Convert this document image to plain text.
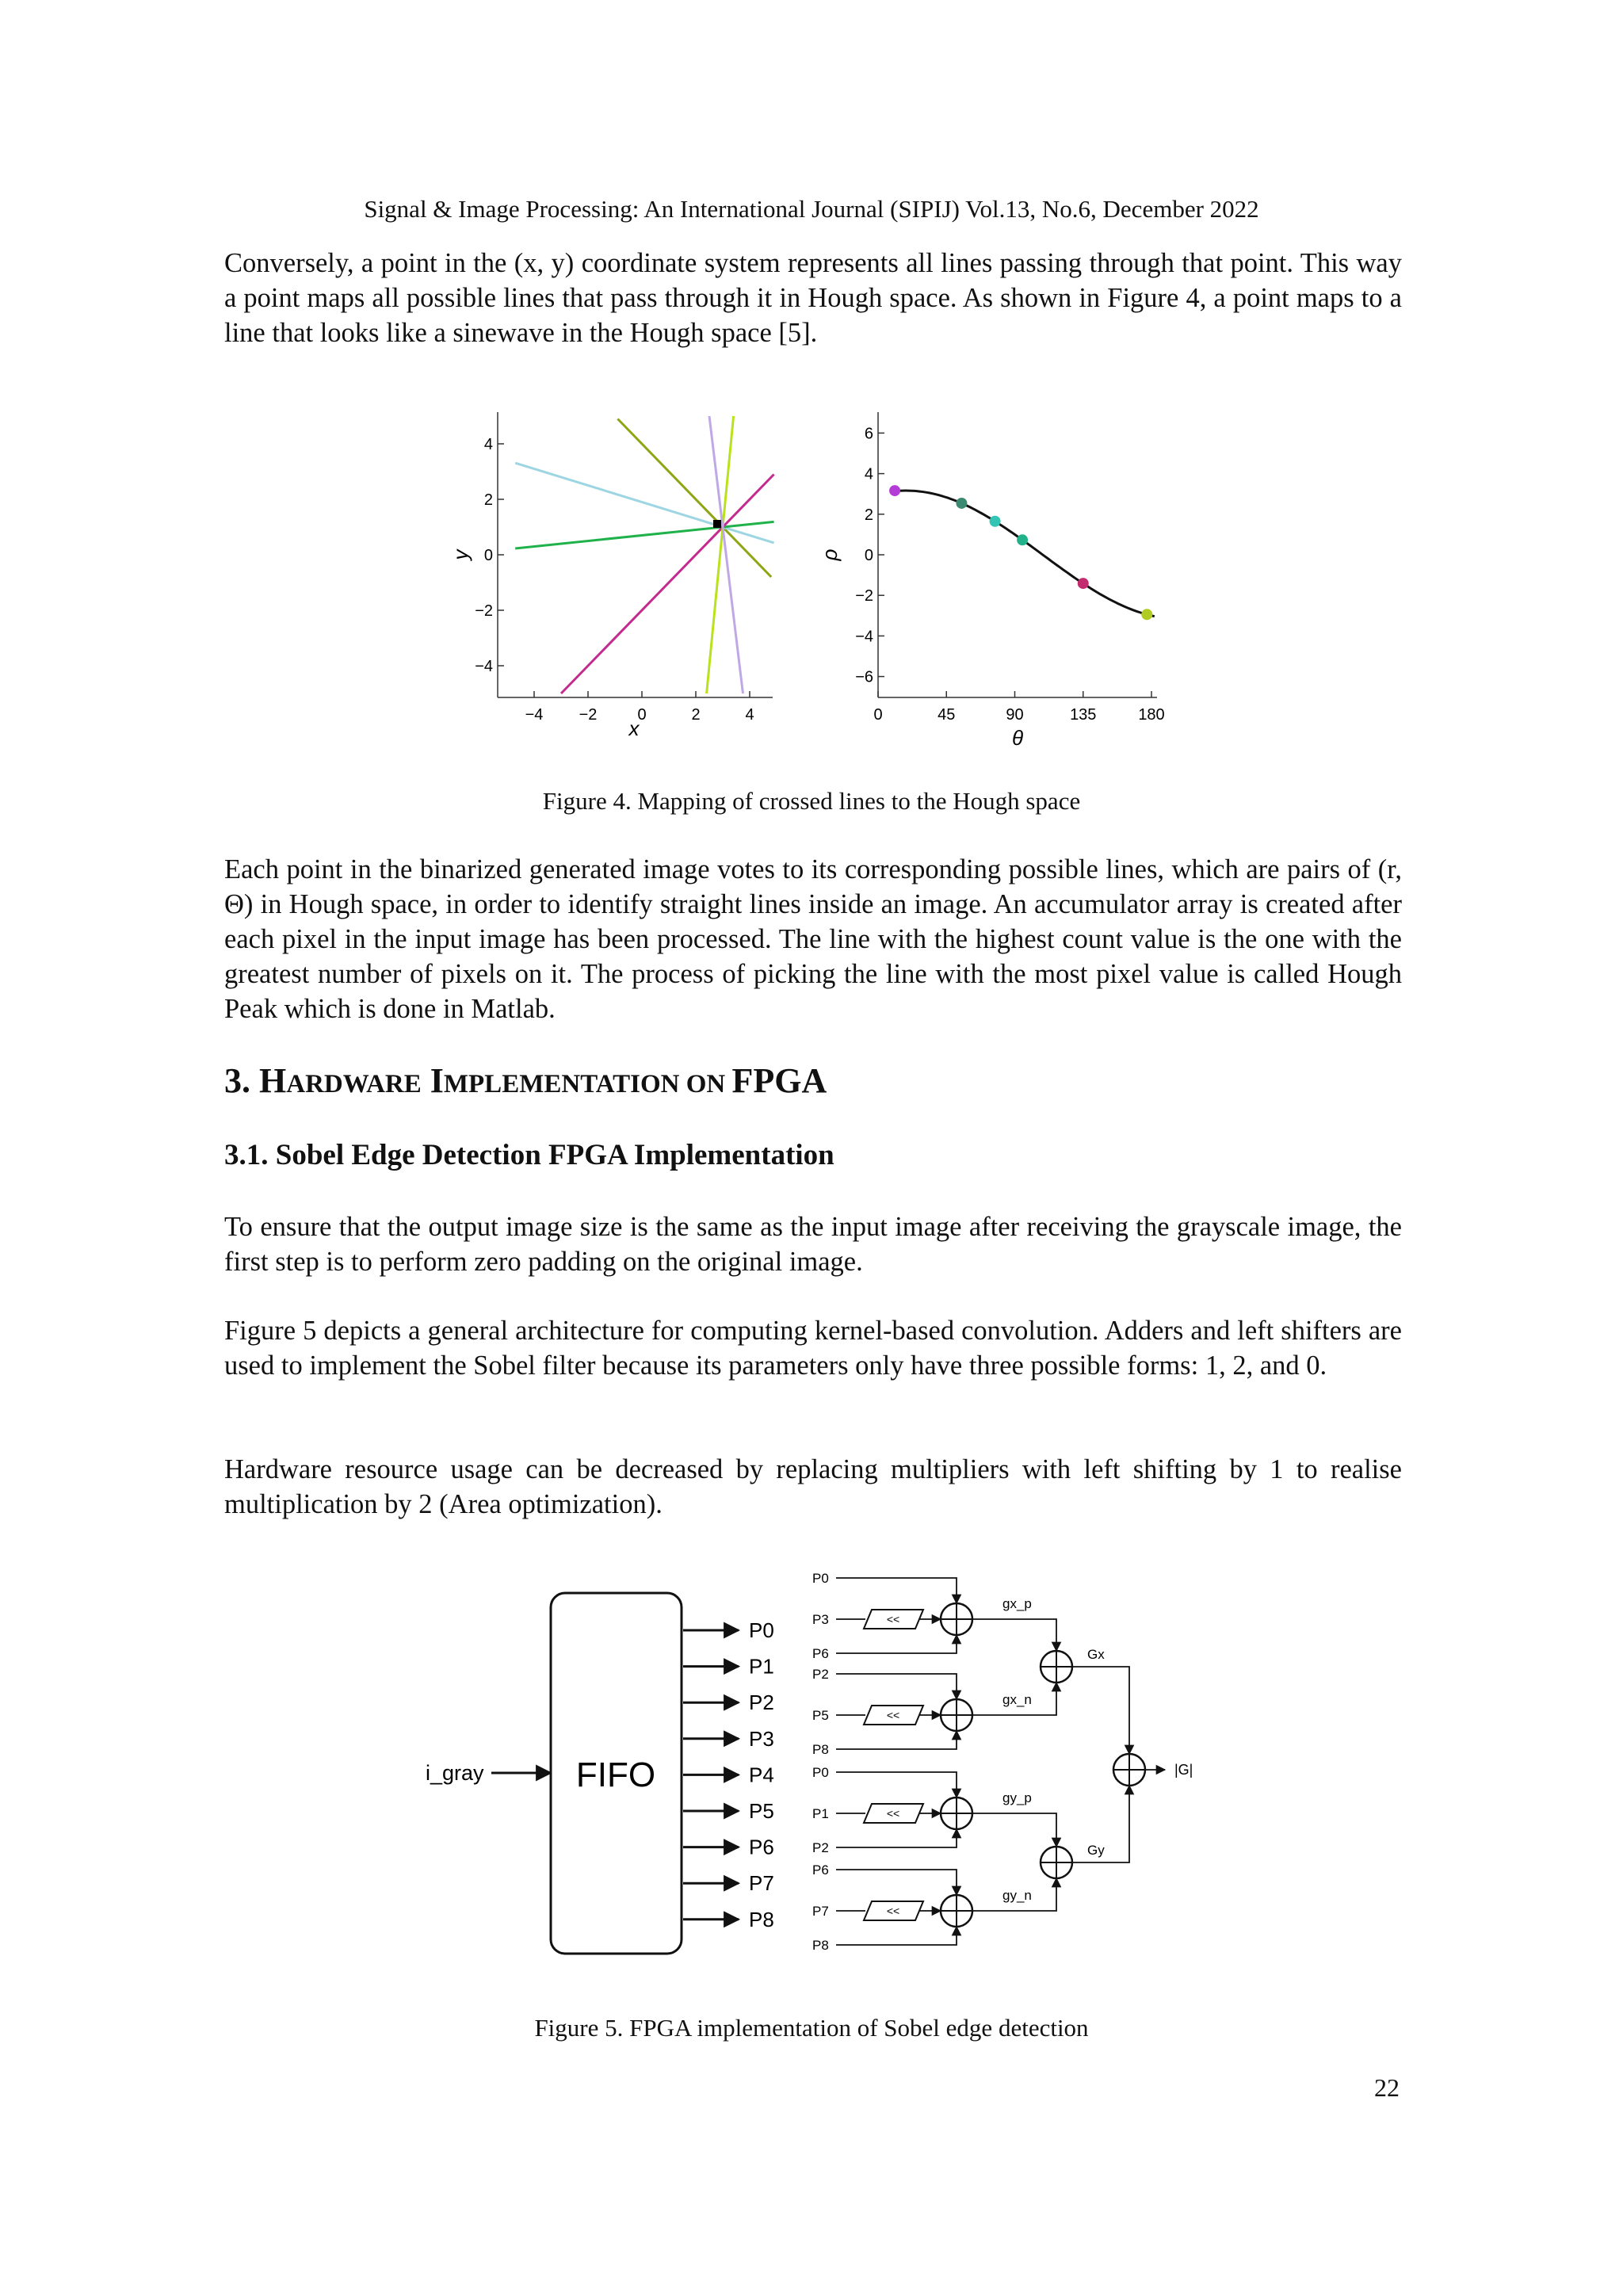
Signal & Image Processing: An International Journal (SIPIJ) Vol.13, No.6, December 2022
Conversely, a point in the (x, y) coordinate system represents all lines passing through that point. This way a point maps all possible lines that pass through it in Hough space. As shown in Figure 4, a point maps to a line that looks like a sinewave in the Hough space [5].
−4 −2	0	2	4
4
2
0
−2
−4
x
y
0	45	90	135	180
6
4
2
0
−2
−4
−6
θ
ρ
Figure 4. Mapping of crossed lines to the Hough space
Each point in the binarized generated image votes to its corresponding possible lines, which are pairs of (r, Θ) in Hough space, in order to identify straight lines inside an image. An accumulator array is created after each pixel in the input image has been processed. The line with the highest count value is the one with the greatest number of pixels on it. The process of picking the line with the most pixel value is called Hough Peak which is done in Matlab.
3. HARDWARE IMPLEMENTATION ON FPGA
3.1. Sobel Edge Detection FPGA Implementation
To ensure that the output image size is the same as the input image after receiving the grayscale image, the first step is to perform zero padding on the original image.
Figure 5 depicts a general architecture for computing kernel-based convolution. Adders and left shifters are used to implement the Sobel filter because its parameters only have three possible forms: 1, 2, and 0.
Hardware resource usage can be decreased by replacing multipliers with left shifting by 1 to realise multiplication by 2 (Area optimization).
i_gray	FIFO
P0
P1
P2
P3
P4
P5
P6
P7
P8
P0
P3
P6
<<
gx_p
P2
P5
P8
<<
gx_n
P0
P1
P2
<<
gy_p
P6
P7
P8
<<
gy_n
Gx
Gy
|G|
Figure 5. FPGA implementation of Sobel edge detection
22
